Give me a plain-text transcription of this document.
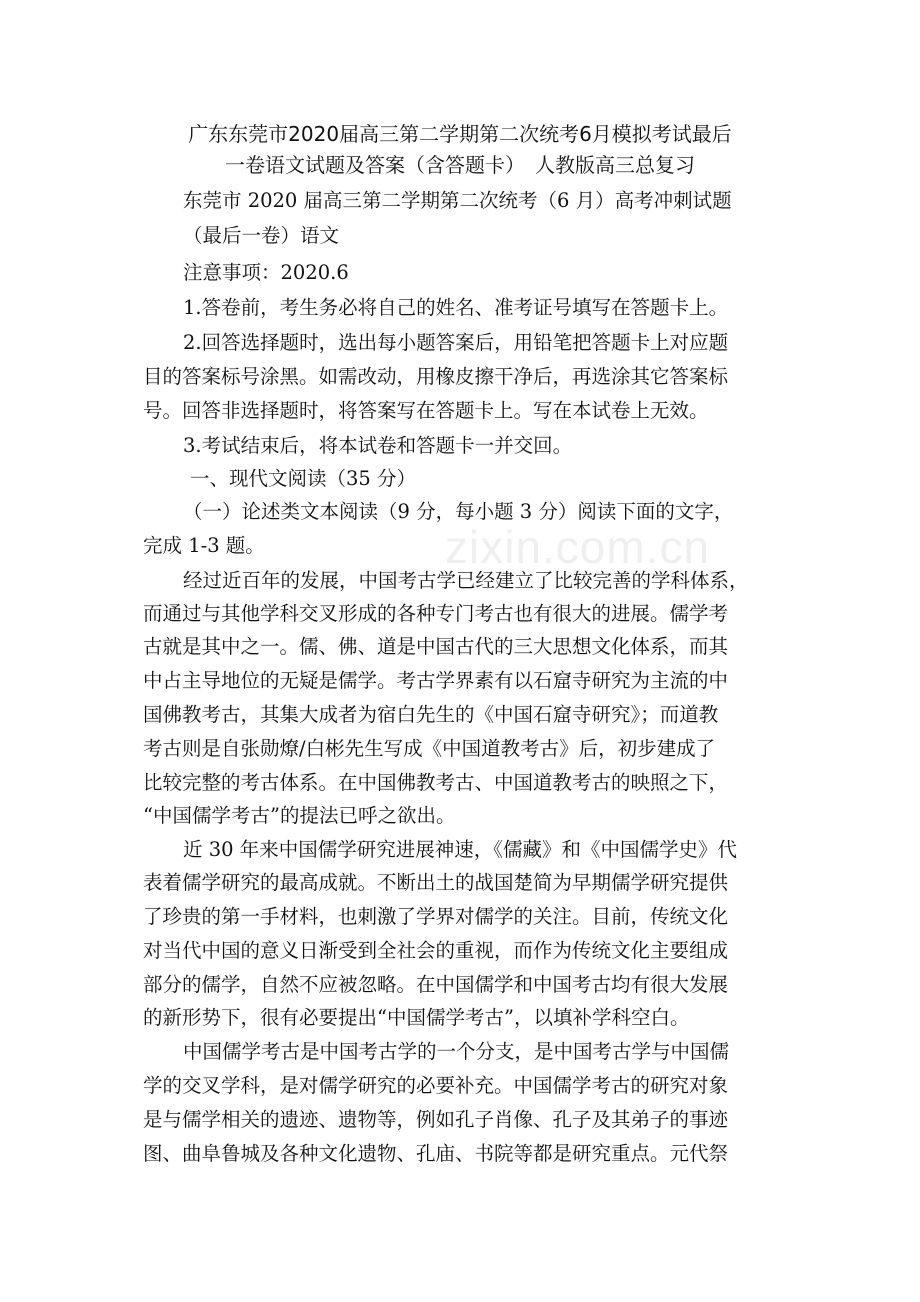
广东东莞市2020届高三第二学期第二次统考6月模拟考试最后
一卷语文试题及答案（含答题卡）　人教版高三总复习
东莞市 2020 届高三第二学期第二次统考（6 月）高考冲刺试题
（最后一卷）语文
注意事项：2020.6
1.答卷前，考生务必将自己的姓名、准考证号填写在答题卡上。
2.回答选择题时，选出每小题答案后，用铅笔把答题卡上对应题
目的答案标号涂黑。如需改动，用橡皮擦干净后，再选涂其它答案标
号。回答非选择题时，将答案写在答题卡上。写在本试卷上无效。
3.考试结束后，将本试卷和答题卡一并交回。
一、现代文阅读（35 分）
（一）论述类文本阅读（9 分，每小题 3 分）阅读下面的文字，
完成 1-3 题。
经过近百年的发展，中国考古学已经建立了比较完善的学科体系，
而通过与其他学科交叉形成的各种专门考古也有很大的进展。儒学考
古就是其中之一。儒、佛、道是中国古代的三大思想文化体系，而其
中占主导地位的无疑是儒学。考古学界素有以石窟寺研究为主流的中
国佛教考古，其集大成者为宿白先生的《中国石窟寺研究》；而道教
考古则是自张勋燎/白彬先生写成《中国道教考古》后，初步建成了
比较完整的考古体系。在中国佛教考古、中国道教考古的映照之下，
“中国儒学考古”的提法已呼之欲出。
近 30 年来中国儒学研究进展神速，《儒藏》和《中国儒学史》代
表着儒学研究的最高成就。不断出土的战国楚简为早期儒学研究提供
了珍贵的第一手材料，也刺激了学界对儒学的关注。目前，传统文化
对当代中国的意义日渐受到全社会的重视，而作为传统文化主要组成
部分的儒学，自然不应被忽略。在中国儒学和中国考古均有很大发展
的新形势下，很有必要提出“中国儒学考古”，以填补学科空白。
中国儒学考古是中国考古学的一个分支，是中国考古学与中国儒
学的交叉学科，是对儒学研究的必要补充。中国儒学考古的研究对象
是与儒学相关的遗迹、遗物等，例如孔子肖像、孔子及其弟子的事迹
图、曲阜鲁城及各种文化遗物、孔庙、书院等都是研究重点。元代祭
zixin.com.cn
